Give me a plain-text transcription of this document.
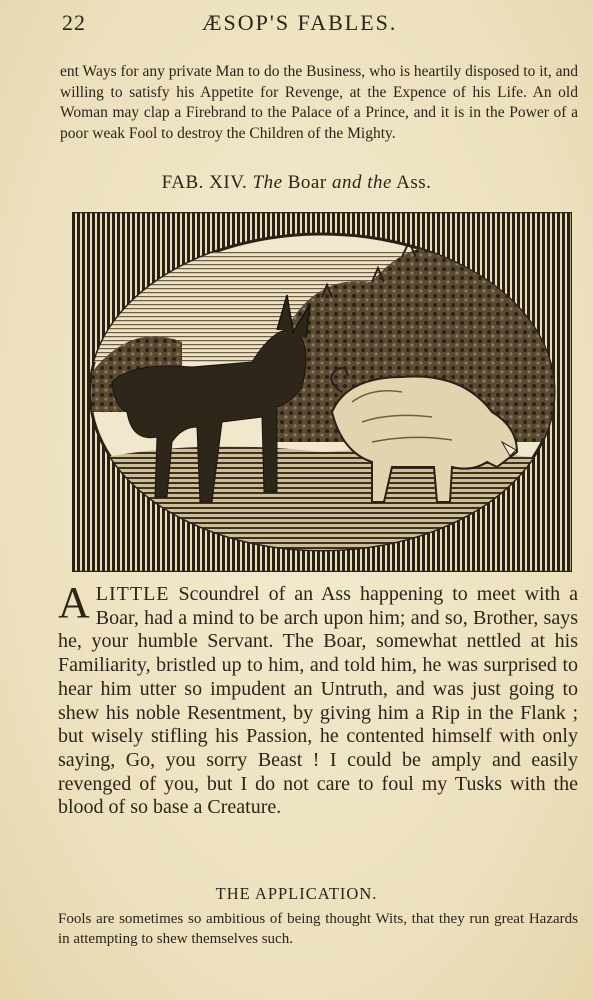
22	ÆSOP'S FABLES.
ent Ways for any private Man to do the Business, who is heartily disposed to it, and willing to satisfy his Appetite for Revenge, at the Expence of his Life. An old Woman may clap a Firebrand to the Palace of a Prince, and it is in the Power of a poor weak Fool to destroy the Children of the Mighty.
FAB. XIV. The Boar and the Ass.
A LITTLE Scoundrel of an Ass happening to meet with a Boar, had a mind to be arch upon him; and so, Brother, says he, your humble Servant. The Boar, somewhat nettled at his Familiarity, bristled up to him, and told him, he was surprised to hear him utter so impudent an Untruth, and was just going to shew his noble Resentment, by giving him a Rip in the Flank ; but wisely stifling his Passion, he contented himself with only saying, Go, you sorry Beast ! I could be amply and easily revenged of you, but I do not care to foul my Tusks with the blood of so base a Creature.
THE APPLICATION.
Fools are sometimes so ambitious of being thought Wits, that they run great Hazards in attempting to shew themselves such.
